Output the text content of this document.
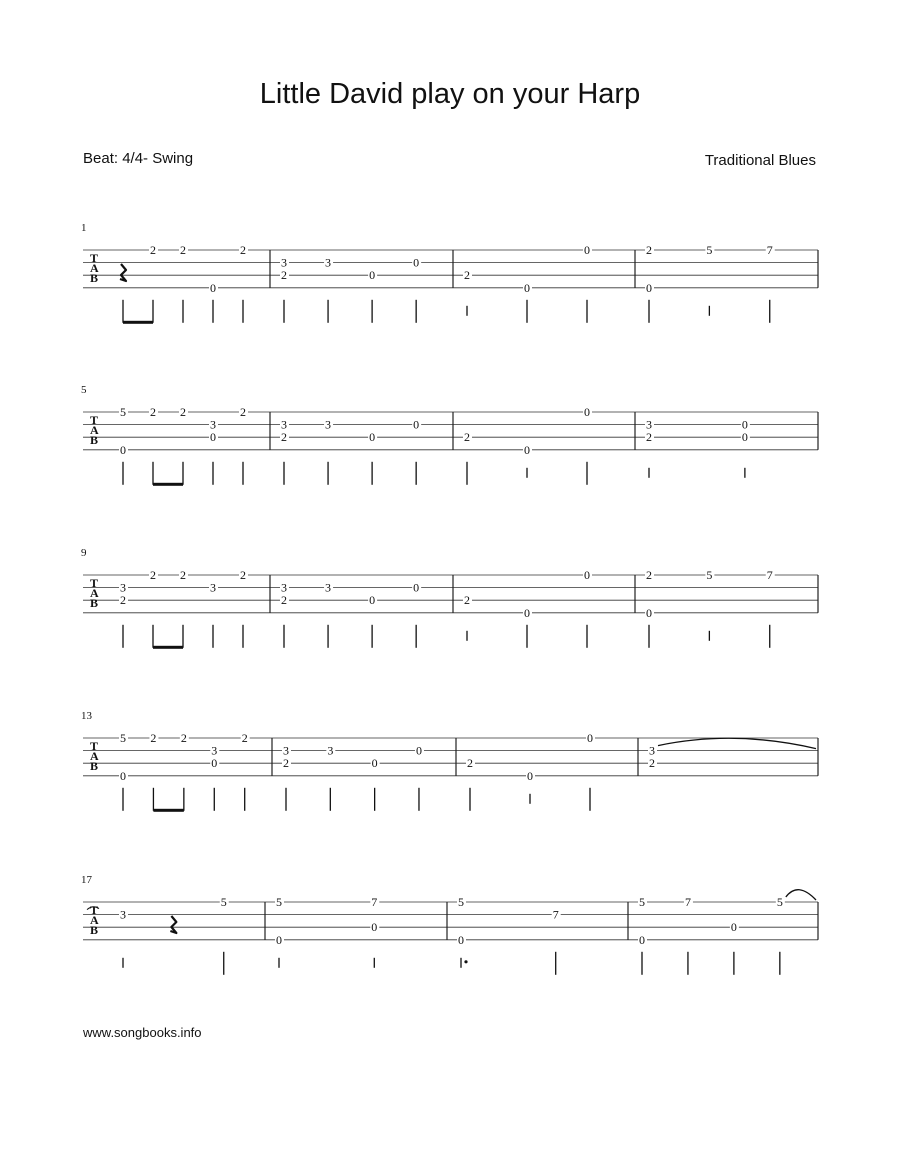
Little David play on your Harp
Beat: 4/4- Swing	Traditional Blues
www.songbooks.info
1
T
A
B
2 2
0
2
3
2
3
0
0
2
0
0	2
0
5	7
5
T
A
B
5
0
2 2
3
0
2
3
2
3
0
0
2
0
0
3
2
0
0
9
T
A
B
3
2
2 2
3
2
3
2
3
0
0
2
0
0	2
0
5	7
13
T
A
B
5
0
2 2
3
0
2
3
2
3
0
0
2
0
0
3
2
17
T
A
B
3
5	5
0
7
0
5
0
7
5
0
7
0
5
